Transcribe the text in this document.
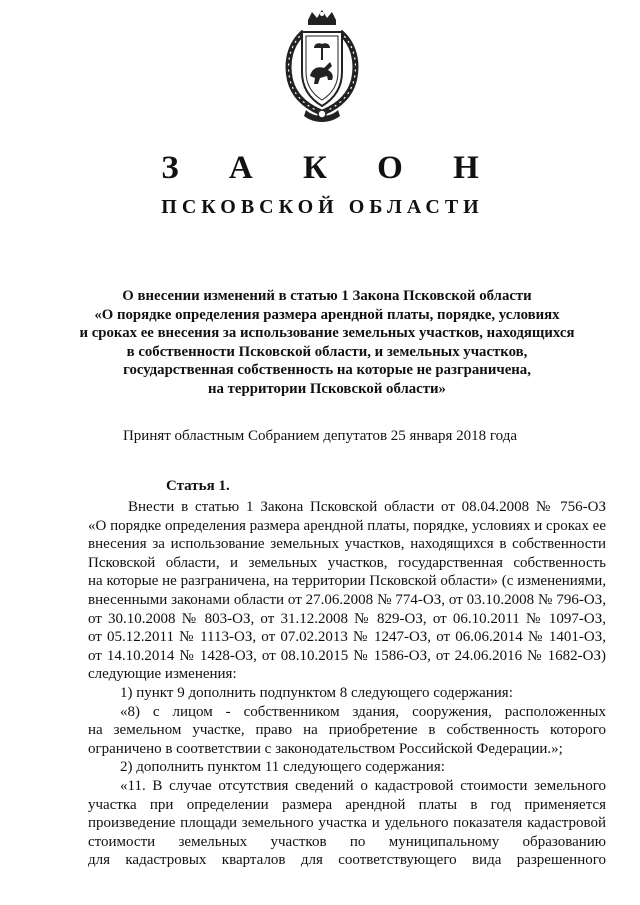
З А К О Н
ПСКОВСКОЙ ОБЛАСТИ
О внесении изменений в статью 1 Закона Псковской области
«О порядке определения размера арендной платы, порядке, условиях
и сроках ее внесения за использование земельных участков, находящихся
в собственности Псковской области, и земельных участков,
государственная собственность на которые не разграничена,
на территории Псковской области»
Принят областным Собранием депутатов 25 января 2018 года
Статья 1.
Внести в статью 1 Закона Псковской области от 08.04.2008 № 756-ОЗ
«О порядке определения размера арендной платы, порядке, условиях и сроках ее
внесения за использование земельных участков, находящихся в собственности
Псковской области, и земельных участков, государственная собственность
на которые не разграничена, на территории Псковской области» (с изменениями,
внесенными законами области от 27.06.2008 № 774-ОЗ, от 03.10.2008 № 796-ОЗ,
от 30.10.2008 № 803-ОЗ, от 31.12.2008 № 829-ОЗ, от 06.10.2011 № 1097-ОЗ,
от 05.12.2011 № 1113-ОЗ, от 07.02.2013 № 1247-ОЗ, от 06.06.2014 № 1401-ОЗ,
от 14.10.2014 № 1428-ОЗ, от 08.10.2015 № 1586-ОЗ, от 24.06.2016 № 1682-ОЗ)
следующие изменения:
1) пункт 9 дополнить подпунктом 8 следующего содержания:
«8) с лицом - собственником здания, сооружения, расположенных
на земельном участке, право на приобретение в собственность которого
ограничено в соответствии с законодательством Российской Федерации.»;
2) дополнить пунктом 11 следующего содержания:
«11. В случае отсутствия сведений о кадастровой стоимости земельного
участка при определении размера арендной платы в год применяется
произведение площади земельного участка и удельного показателя кадастровой
стоимости земельных участков по муниципальному образованию
для кадастровых кварталов для соответствующего вида разрешенного
